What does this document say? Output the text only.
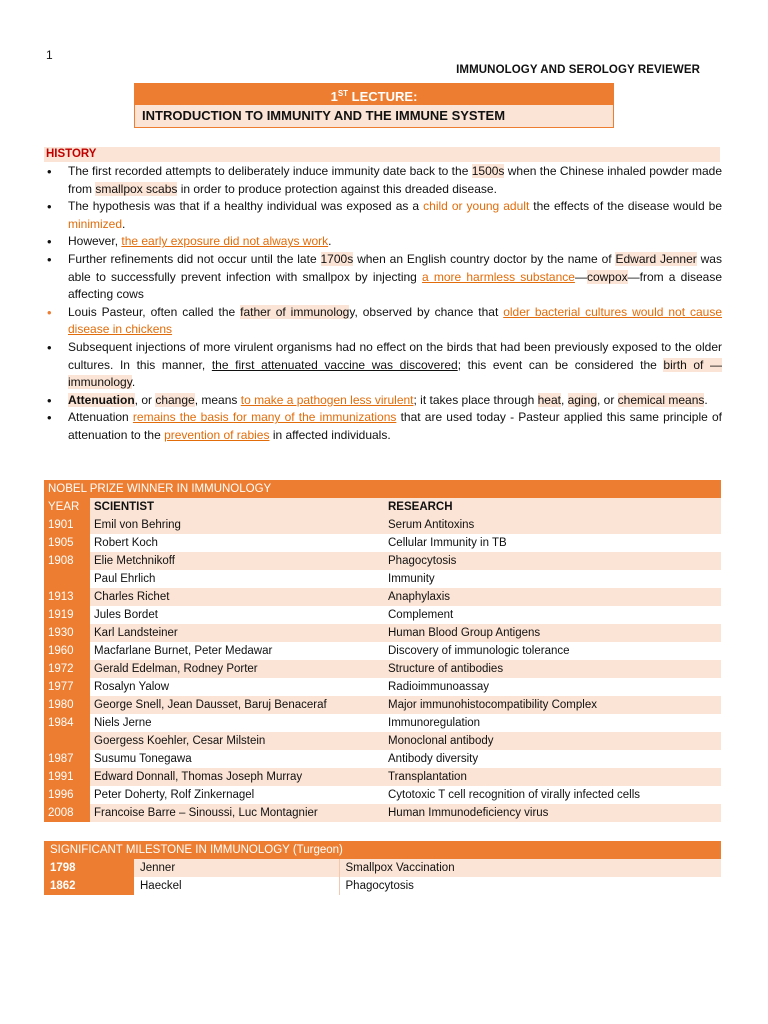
1
IMMUNOLOGY AND SEROLOGY REVIEWER
1ST LECTURE:
INTRODUCTION TO IMMUNITY AND THE IMMUNE SYSTEM
HISTORY
• The first recorded attempts to deliberately induce immunity date back to the 1500s when the Chinese inhaled powder made from smallpox scabs in order to produce protection against this dreaded disease.
• The hypothesis was that if a healthy individual was exposed as a child or young adult the effects of the disease would be minimized.
• However, the early exposure did not always work.
• Further refinements did not occur until the late 1700s when an English country doctor by the name of Edward Jenner was able to successfully prevent infection with smallpox by injecting a more harmless substance—cowpox—from a disease affecting cows
• Louis Pasteur, often called the father of immunology, observed by chance that older bacterial cultures would not cause disease in chickens
• Subsequent injections of more virulent organisms had no effect on the birds that had been previously exposed to the older cultures. In this manner, the first attenuated vaccine was discovered; this event can be considered the birth of —immunology.
• Attenuation, or change, means to make a pathogen less virulent; it takes place through heat, aging, or chemical means.
• Attenuation remains the basis for many of the immunizations that are used today - Pasteur applied this same principle of attenuation to the prevention of rabies in affected individuals.
NOBEL PRIZE WINNER IN IMMUNOLOGY		
YEAR	SCIENTIST	RESEARCH
1901	Emil von Behring	Serum Antitoxins
1905	Robert Koch	Cellular Immunity in TB
1908	Elie Metchnikoff	Phagocytosis
	Paul Ehrlich	Immunity
1913	Charles Richet	Anaphylaxis
1919	Jules Bordet	Complement
1930	Karl Landsteiner	Human Blood Group Antigens
1960	Macfarlane Burnet, Peter Medawar	Discovery of immunologic tolerance
1972	Gerald Edelman, Rodney Porter	Structure of antibodies
1977	Rosalyn Yalow	Radioimmunoassay
1980	George Snell, Jean Dausset, Baruj Benaceraf	Major immunohistocompatibility Complex
1984	Niels Jerne	Immunoregulation
	Goergess Koehler, Cesar Milstein	Monoclonal antibody
1987	Susumu Tonegawa	Antibody diversity
1991	Edward Donnall, Thomas Joseph Murray	Transplantation
1996	Peter Doherty, Rolf Zinkernagel	Cytotoxic T cell recognition of virally infected cells
2008	Francoise Barre – Sinoussi, Luc Montagnier	Human Immunodeficiency virus
SIGNIFICANT MILESTONE IN IMMUNOLOGY (Turgeon)		
1798	Jenner	Smallpox Vaccination
1862	Haeckel	Phagocytosis
